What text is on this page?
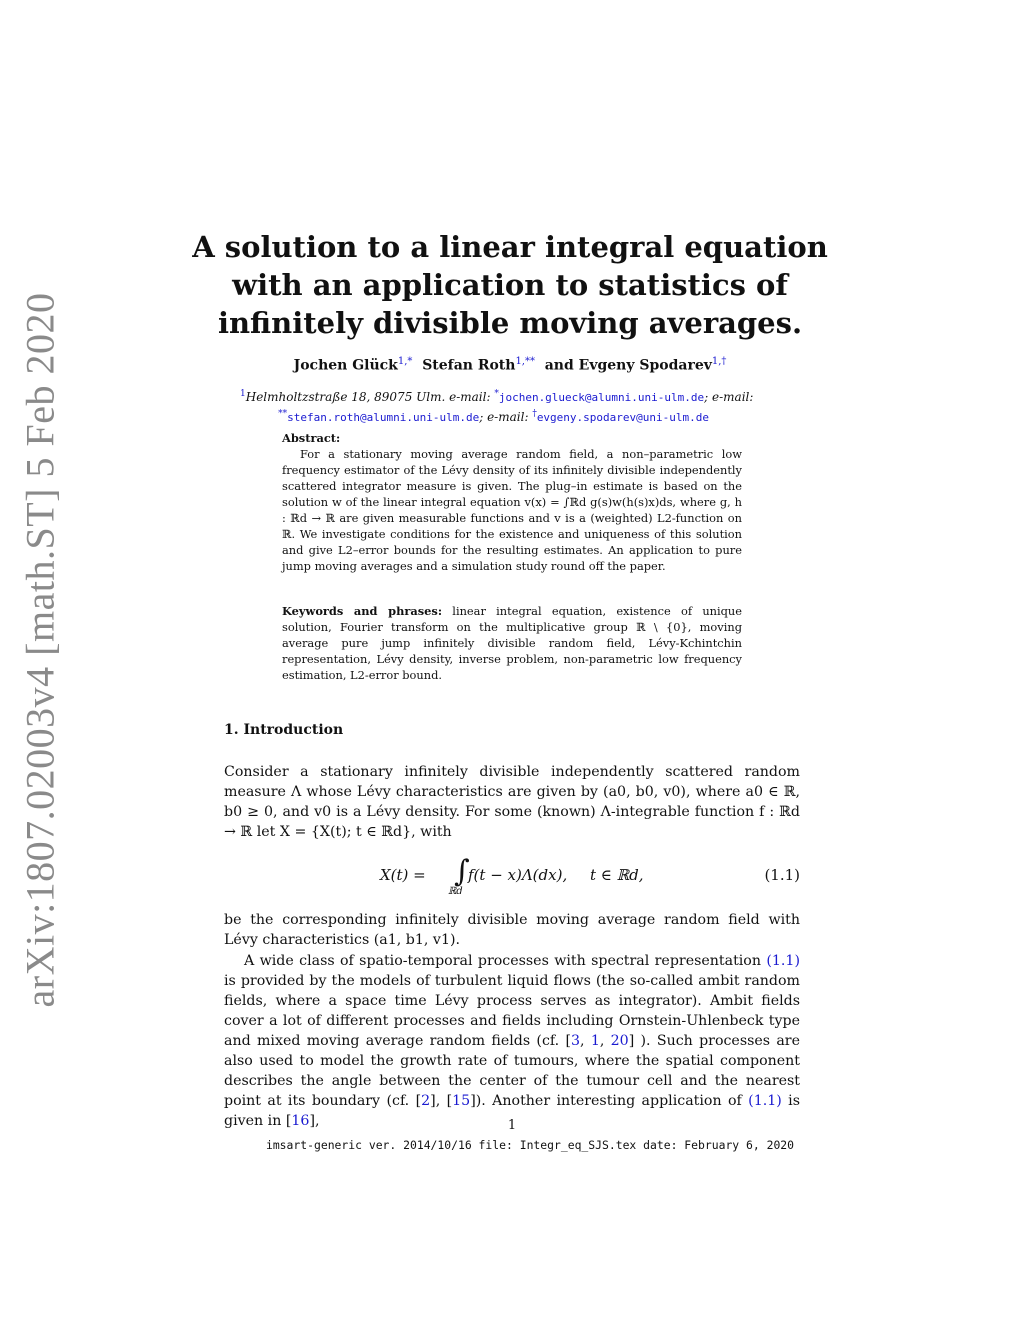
arXiv:1807.02003v4 [math.ST] 5 Feb 2020
A solution to a linear integral equation
with an application to statistics of
infinitely divisible moving averages.
Jochen Glück$^{1,*}$ Stefan Roth$^{1,**}$ and Evgeny Spodarev$^{1,\dagger}$
$^1$Helmholtzstraße 18, 89075 Ulm. e-mail: *jochen.glueck@alumni.uni-ulm.de; e-mail:
**stefan.roth@alumni.uni-ulm.de; e-mail: †evgeny.spodarev@uni-ulm.de
Abstract:

For a stationary moving average random field, a non–parametric low frequency estimator of the Lévy density of its infinitely divisible independently scattered integrator measure is given. The plug–in estimate is based on the solution w of the linear integral equation v(x) = ∫ℝd g(s)w(h(s)x)ds, where g, h : ℝd → ℝ are given measurable functions and v is a (weighted) L2-function on ℝ. We investigate conditions for the existence and uniqueness of this solution and give L2–error bounds for the resulting estimates. An application to pure jump moving averages and a simulation study round off the paper.

Keywords and phrases: linear integral equation, existence of unique solution, Fourier transform on the multiplicative group ℝ \ {0}, moving average pure jump infinitely divisible random field, Lévy-Kchintchin representation, Lévy density, inverse problem, non-parametric low frequency estimation, L2-error bound.
1. Introduction
Consider a stationary infinitely divisible independently scattered random measure Λ whose Lévy characteristics are given by (a0, b0, v0), where a0 ∈ ℝ, b0 ≥ 0, and v0 is a Lévy density. For some (known) Λ-integrable function f : ℝd → ℝ let X = {X(t); t ∈ ℝd}, with
X(t) = ∫
ℝd
f(t − x)Λ(dx), t ∈ ℝd,	(1.1)
be the corresponding infinitely divisible moving average random field with Lévy characteristics (a1, b1, v1).
A wide class of spatio-temporal processes with spectral representation (1.1) is provided by the models of turbulent liquid flows (the so-called ambit random fields, where a space time Lévy process serves as integrator). Ambit fields cover a lot of different processes and fields including Ornstein-Uhlenbeck type and mixed moving average random fields (cf. [3, 1, 20] ). Such processes are also used to model the growth rate of tumours, where the spatial component describes the angle between the center of the tumour cell and the nearest point at its boundary (cf. [2], [15]). Another interesting application of (1.1) is given in [16],	1
imsart-generic ver. 2014/10/16 file: Integr_eq_SJS.tex date: February 6, 2020
